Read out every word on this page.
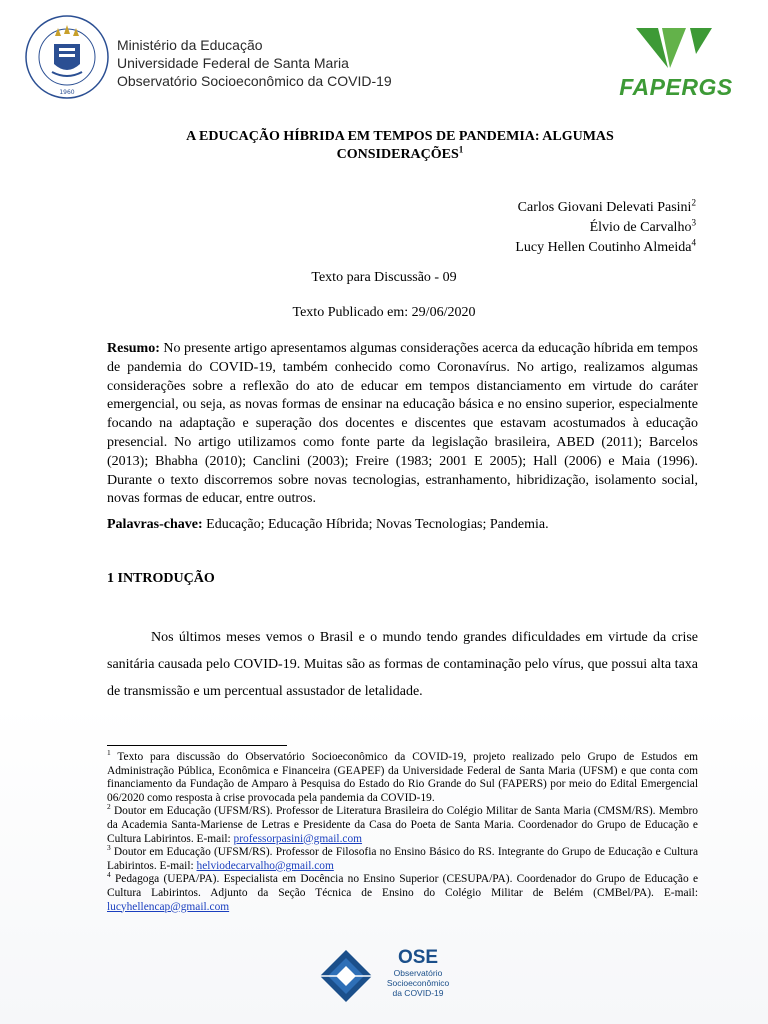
1960
Ministério da Educação
Universidade Federal de Santa Maria
Observatório Socioeconômico da COVID-19	FAPERGS
A EDUCAÇÃO HÍBRIDA EM TEMPOS DE PANDEMIA: ALGUMAS
CONSIDERAÇÕES$^1$
Carlos Giovani Delevati Pasini$^2$
Élvio de Carvalho$^3$
Lucy Hellen Coutinho Almeida$^4$
Texto para Discussão - 09
Texto Publicado em: 29/06/2020
Resumo: No presente artigo apresentamos algumas considerações acerca da educação híbrida em tempos de pandemia do COVID-19, também conhecido como Coronavírus. No artigo, realizamos algumas considerações sobre a reflexão do ato de educar em tempos distanciamento em virtude do caráter emergencial, ou seja, as novas formas de ensinar na educação básica e no ensino superior, especialmente focando na adaptação e superação dos docentes e discentes que estavam acostumados à educação presencial. No artigo utilizamos como fonte parte da legislação brasileira, ABED (2011); Barcelos (2013); Bhabha (2010); Canclini (2003); Freire (1983; 2001 E 2005); Hall (2006) e Maia (1996). Durante o texto discorremos sobre novas tecnologias, estranhamento, hibridização, isolamento social, novas formas de educar, entre outros.
Palavras-chave: Educação; Educação Híbrida; Novas Tecnologias; Pandemia.
1 INTRODUÇÃO
Nos últimos meses vemos o Brasil e o mundo tendo grandes dificuldades em virtude da crise sanitária causada pelo COVID-19. Muitas são as formas de contaminação pelo vírus, que possui alta taxa de transmissão e um percentual assustador de letalidade.

$^1$ Texto para discussão do Observatório Socioeconômico da COVID-19, projeto realizado pelo Grupo de Estudos em Administração Pública, Econômica e Financeira (GEAPEF) da Universidade Federal de Santa Maria (UFSM) e que conta com financiamento da Fundação de Amparo à Pesquisa do Estado do Rio Grande do Sul (FAPERS) por meio do Edital Emergencial 06/2020 como resposta à crise provocada pela pandemia da COVID-19.

$^2$ Doutor em Educação (UFSM/RS). Professor de Literatura Brasileira do Colégio Militar de Santa Maria (CMSM/RS). Membro da Academia Santa-Mariense de Letras e Presidente da Casa do Poeta de Santa Maria. Coordenador do Grupo de Educação e Cultura Labirintos. E-mail: professorpasini@gmail.com

$^3$ Doutor em Educação (UFSM/RS). Professor de Filosofia no Ensino Básico do RS. Integrante do Grupo de Educação e Cultura Labirintos. E-mail: helviodecarvalho@gmail.com

$^4$ Pedagoga (UEPA/PA). Especialista em Docência no Ensino Superior (CESUPA/PA). Coordenador do Grupo de Educação e Cultura Labirintos. Adjunto da Seção Técnica de Ensino do Colégio Militar de Belém (CMBel/PA). E-mail: lucyhellencap@gmail.com

OSE
Observatório
Socioeconômico
da COVID-19
